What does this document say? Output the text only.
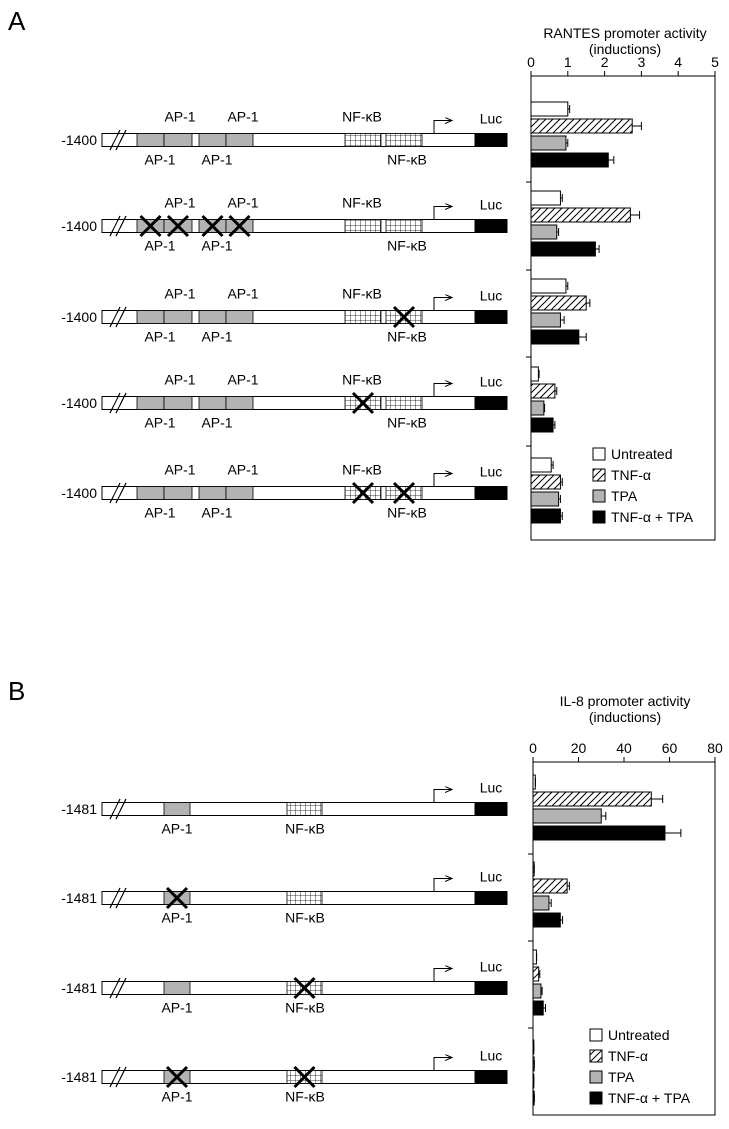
A
-1400
Luc
AP-1 AP-1
AP-1 AP-1
NF-κB
NF-κB
-1400
Luc
AP-1 AP-1
AP-1 AP-1
NF-κB
NF-κB
-1400
Luc
AP-1 AP-1
AP-1 AP-1
NF-κB
NF-κB
-1400
Luc
AP-1 AP-1
AP-1 AP-1
NF-κB
NF-κB
-1400
Luc
AP-1 AP-1
AP-1 AP-1
NF-κB
NF-κB
RANTES promoter activity
(inductions)
0 1 2 3 4 5
Untreated
TNF-α
TPA
TNF-α + TPA
B
-1481
Luc
AP-1	NF-κB
-1481
Luc
AP-1	NF-κB
-1481
Luc
AP-1	NF-κB
-1481
Luc
AP-1	NF-κB
IL-8 promoter activity
(inductions)
0 20 40 60 80
Untreated
TNF-α
TPA
TNF-α + TPA
